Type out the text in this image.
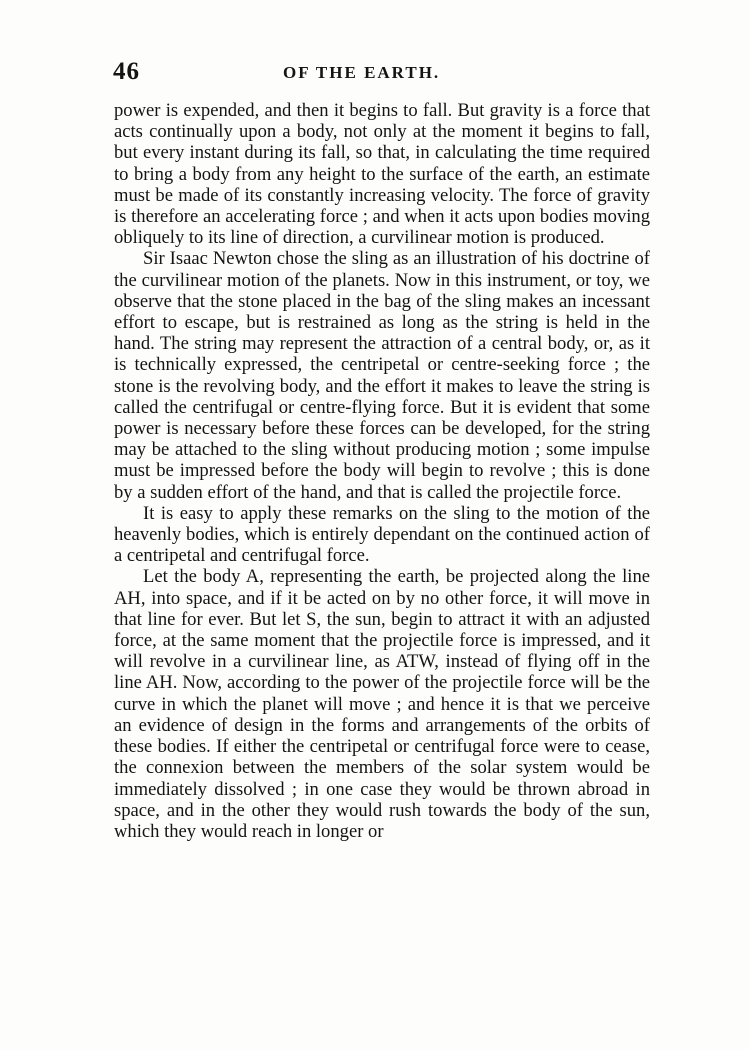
46	OF THE EARTH.

power is expended, and then it begins to fall. But gravity is a force that acts continually upon a body, not only at the moment it begins to fall, but every instant during its fall, so that, in calculating the time required to bring a body from any height to the surface of the earth, an estimate must be made of its constantly increasing velocity. The force of gravity is therefore an accelerating force ; and when it acts upon bodies moving obliquely to its line of direction, a curvilinear motion is produced.

Sir Isaac Newton chose the sling as an illustration of his doctrine of the curvilinear motion of the planets. Now in this instrument, or toy, we observe that the stone placed in the bag of the sling makes an incessant effort to escape, but is restrained as long as the string is held in the hand. The string may represent the attraction of a central body, or, as it is technically expressed, the centripetal or centre-seeking force ; the stone is the revolving body, and the effort it makes to leave the string is called the centrifugal or centre-flying force. But it is evident that some power is necessary before these forces can be developed, for the string may be attached to the sling without producing motion ; some impulse must be impressed before the body will begin to revolve ; this is done by a sudden effort of the hand, and that is called the projectile force.

It is easy to apply these remarks on the sling to the motion of the heavenly bodies, which is entirely dependant on the continued action of a centripetal and centrifugal force.

Let the body A, representing the earth, be projected along the line AH, into space, and if it be acted on by no other force, it will move in that line for ever. But let S, the sun, begin to attract it with an adjusted force, at the same moment that the projectile force is impressed, and it will revolve in a curvilinear line, as ATW, instead of flying off in the line AH. Now, according to the power of the projectile force will be the curve in which the planet will move ; and hence it is that we perceive an evidence of design in the forms and arrangements of the orbits of these bodies. If either the centripetal or centrifugal force were to cease, the connexion between the members of the solar system would be immediately dissolved ; in one case they would be thrown abroad in space, and in the other they would rush towards the body of the sun, which they would reach in longer or
